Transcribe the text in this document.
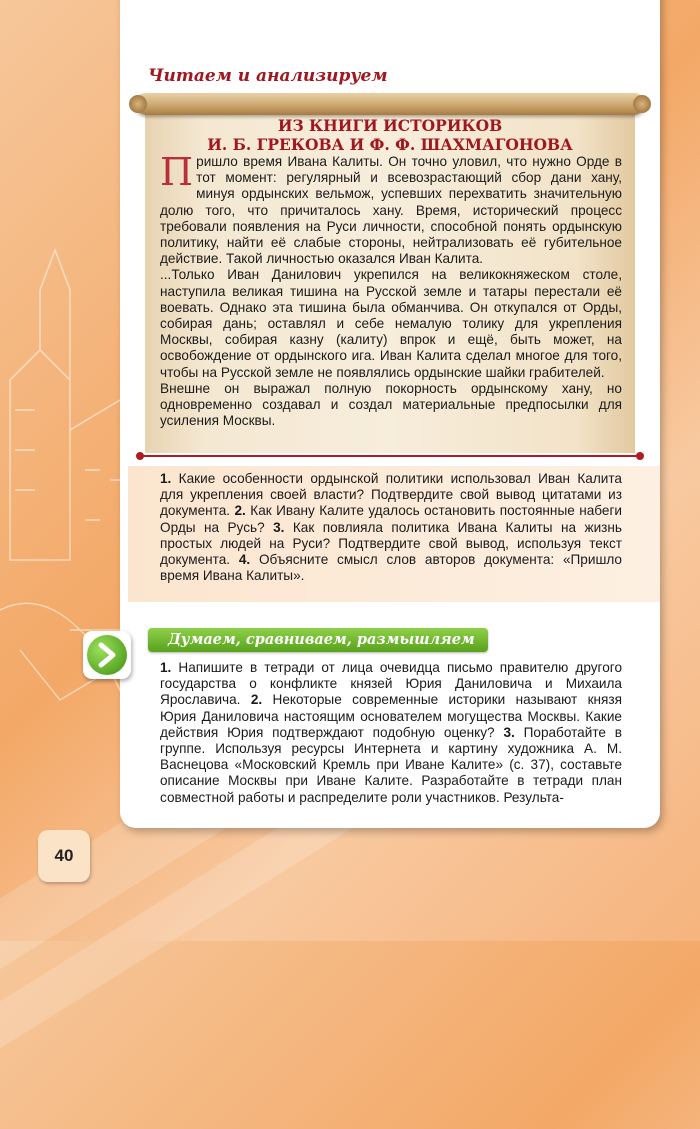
Читаем и анализируем
ИЗ КНИГИ ИСТОРИКОВ
И. Б. ГРЕКОВА И Ф. Ф. ШАХМАГОНОВА

Пришло время Ивана Калиты. Он точно уловил, что нужно Орде в тот момент: регулярный и всевозрастающий сбор дани хану, минуя ордынских вельмож, успевших перехватить значительную долю того, что причиталось хану. Время, исторический процесс требовали появления на Руси личности, способной понять ордынскую политику, найти её слабые стороны, нейтрализовать её губительное действие. Такой личностью оказался Иван Калита.

...Только Иван Данилович укрепился на великокняжеском столе, наступила великая тишина на Русской земле и татары перестали её воевать. Однако эта тишина была обманчива. Он откупался от Орды, собирая дань; оставлял и себе немалую толику для укрепления Москвы, собирая казну (калиту) впрок и ещё, быть может, на освобождение от ордынского ига. Иван Калита сделал многое для того, чтобы на Русской земле не появлялись ордынские шайки грабителей.

Внешне он выражал полную покорность ордынскому хану, но одновременно создавал и создал материальные предпосылки для усиления Москвы.

1. Какие особенности ордынской политики использовал Иван Калита для укрепления своей власти? Подтвердите свой вывод цитатами из документа. 2. Как Ивану Калите удалось остановить постоянные набеги Орды на Русь? 3. Как повлияла политика Ивана Калиты на жизнь простых людей на Руси? Подтвердите свой вывод, используя текст документа. 4. Объясните смысл слов авторов документа: «Пришло время Ивана Калиты».
Думаем, сравниваем, размышляем
1. Напишите в тетради от лица очевидца письмо правителю другого государства о конфликте князей Юрия Даниловича и Михаила Ярославича. 2. Некоторые современные историки называют князя Юрия Даниловича настоящим основателем могущества Москвы. Какие действия Юрия подтверждают подобную оценку? 3. Поработайте в группе. Используя ресурсы Интернета и картину художника А. М. Васнецова «Московский Кремль при Иване Калите» (с. 37), составьте описание Москвы при Иване Калите. Разработайте в тетради план совместной работы и распределите роли участников. Результа-
40
